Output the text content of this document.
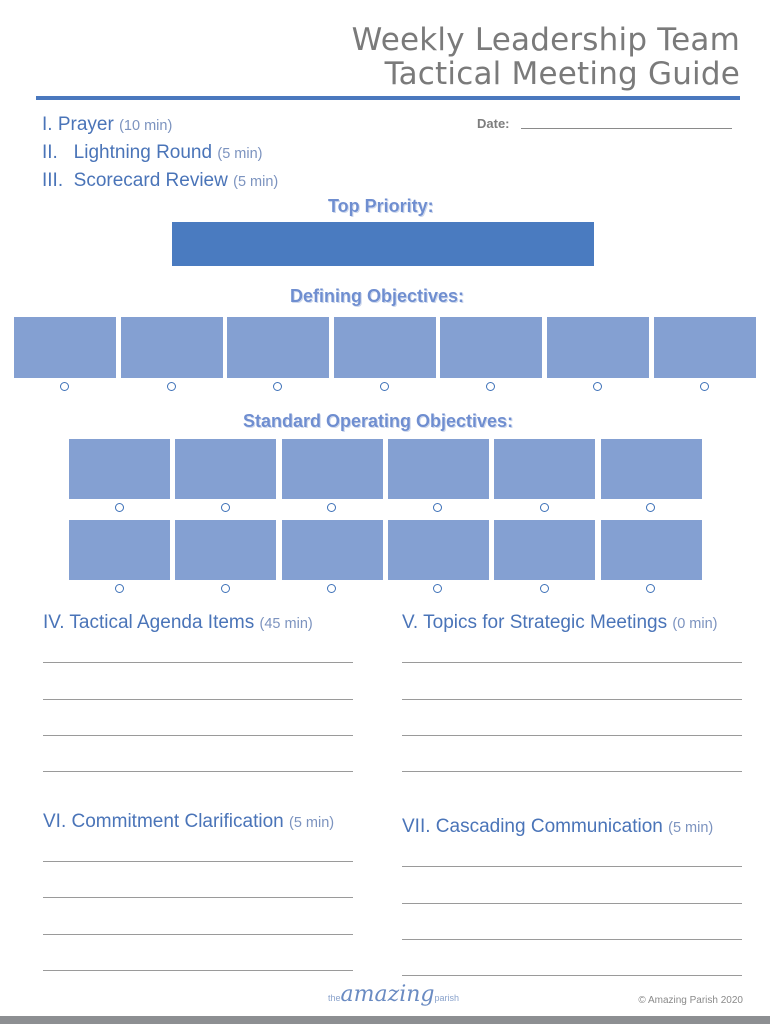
Weekly Leadership Team
Tactical Meeting Guide
I. Prayer (10 min)
II.   Lightning Round (5 min)
III.  Scorecard Review (5 min)
Date:
Top Priority:
Defining Objectives:
Standard Operating Objectives:
IV. Tactical Agenda Items (45 min)	V. Topics for Strategic Meetings (0 min)
VI. Commitment Clarification (5 min)	VII. Cascading Communication (5 min)
theamazingparish	© Amazing Parish 2020
